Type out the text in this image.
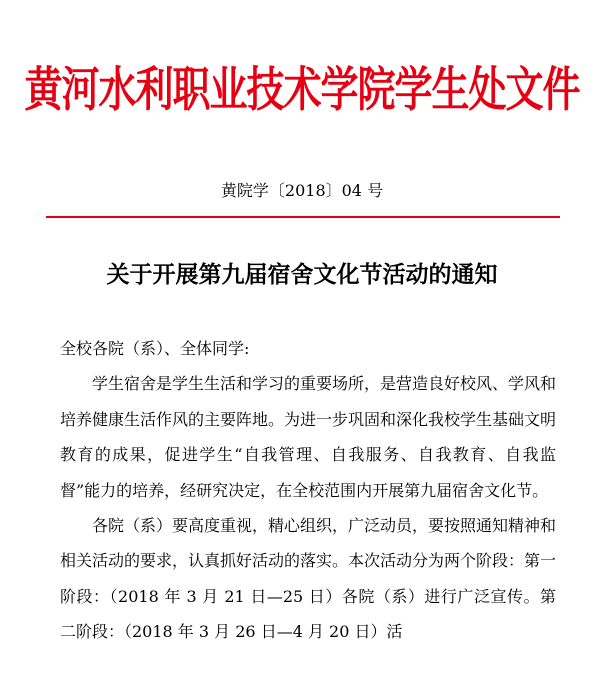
黄河水利职业技术学院学生处文件
黄院学〔2018〕04 号
关于开展第九届宿舍文化节活动的通知

全校各院（系）、全体同学:

学生宿舍是学生生活和学习的重要场所，是营造良好校风、学风和培养健康生活作风的主要阵地。为进一步巩固和深化我校学生基础文明教育的成果，促进学生“自我管理、自我服务、自我教育、自我监督”能力的培养，经研究决定，在全校范围内开展第九届宿舍文化节。

各院（系）要高度重视，精心组织，广泛动员，要按照通知精神和相关活动的要求，认真抓好活动的落实。本次活动分为两个阶段：第一阶段：（2018 年 3 月 21 日—25 日）各院（系）进行广泛宣传。第二阶段：（2018 年 3 月 26 日—4 月 20 日）活
